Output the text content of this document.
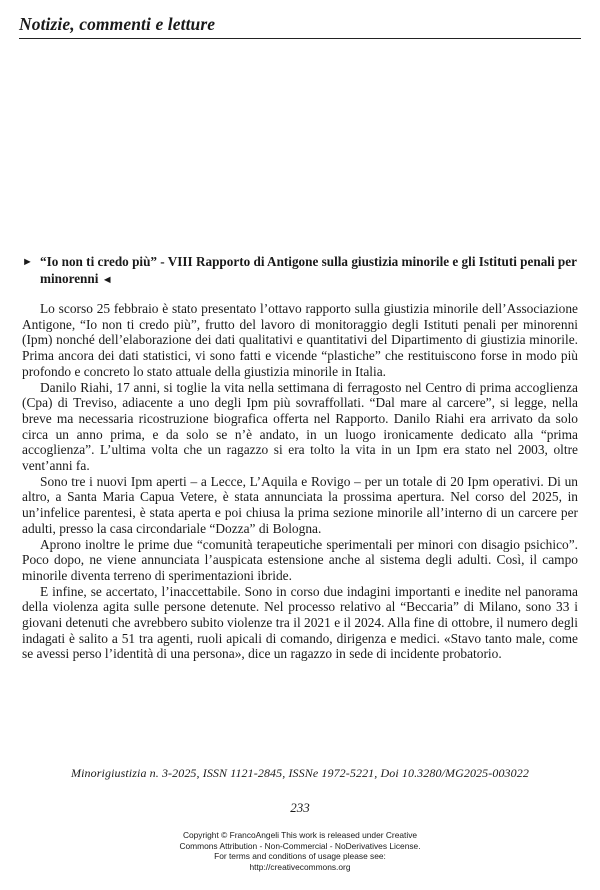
Notizie, commenti e letture
► “Io non ti credo più” - VIII Rapporto di Antigone sulla giustizia minorile e gli Istituti penali per minorenni ◄

Lo scorso 25 febbraio è stato presentato l’ottavo rapporto sulla giustizia minorile dell’Associazione Antigone, “Io non ti credo più”, frutto del lavoro di monitoraggio degli Istituti penali per minorenni (Ipm) nonché dell’elaborazione dei dati qualitativi e quantitativi del Dipartimento di giustizia minorile. Prima ancora dei dati statistici, vi sono fatti e vicende “plastiche” che restituiscono forse in modo più profondo e concreto lo stato attuale della giustizia minorile in Italia.

Danilo Riahi, 17 anni, si toglie la vita nella settimana di ferragosto nel Centro di prima accoglienza (Cpa) di Treviso, adiacente a uno degli Ipm più sovraffollati. “Dal mare al carcere”, si legge, nella breve ma necessaria ricostruzione biografica offerta nel Rapporto. Danilo Riahi era arrivato da solo circa un anno prima, e da solo se n’è andato, in un luogo ironicamente dedicato alla “prima accoglienza”. L’ultima volta che un ragazzo si era tolto la vita in un Ipm era stato nel 2003, oltre vent’anni fa.

Sono tre i nuovi Ipm aperti – a Lecce, L’Aquila e Rovigo – per un totale di 20 Ipm operativi. Di un altro, a Santa Maria Capua Vetere, è stata annunciata la prossima apertura. Nel corso del 2025, in un’infelice parentesi, è stata aperta e poi chiusa la prima sezione minorile all’interno di un carcere per adulti, presso la casa circondariale “Dozza” di Bologna.

Aprono inoltre le prime due “comunità terapeutiche sperimentali per minori con disagio psichico”. Poco dopo, ne viene annunciata l’auspicata estensione anche al sistema degli adulti. Così, il campo minorile diventa terreno di sperimentazioni ibride.

E infine, se accertato, l’inaccettabile. Sono in corso due indagini importanti e inedite nel panorama della violenza agita sulle persone detenute. Nel processo relativo al “Beccaria” di Milano, sono 33 i giovani detenuti che avrebbero subito violenze tra il 2021 e il 2024. Alla fine di ottobre, il numero degli indagati è salito a 51 tra agenti, ruoli apicali di comando, dirigenza e medici. «Stavo tanto male, come se avessi perso l’identità di una persona», dice un ragazzo in sede di incidente probatorio.

Minorigiustizia n. 3-2025, ISSN 1121-2845, ISSNe 1972-5221, Doi 10.3280/MG2025-003022
233
Copyright © FrancoAngeli This work is released under Creative
Commons Attribution - Non-Commercial - NoDerivatives License.
For terms and conditions of usage please see:
http://creativecommons.org
